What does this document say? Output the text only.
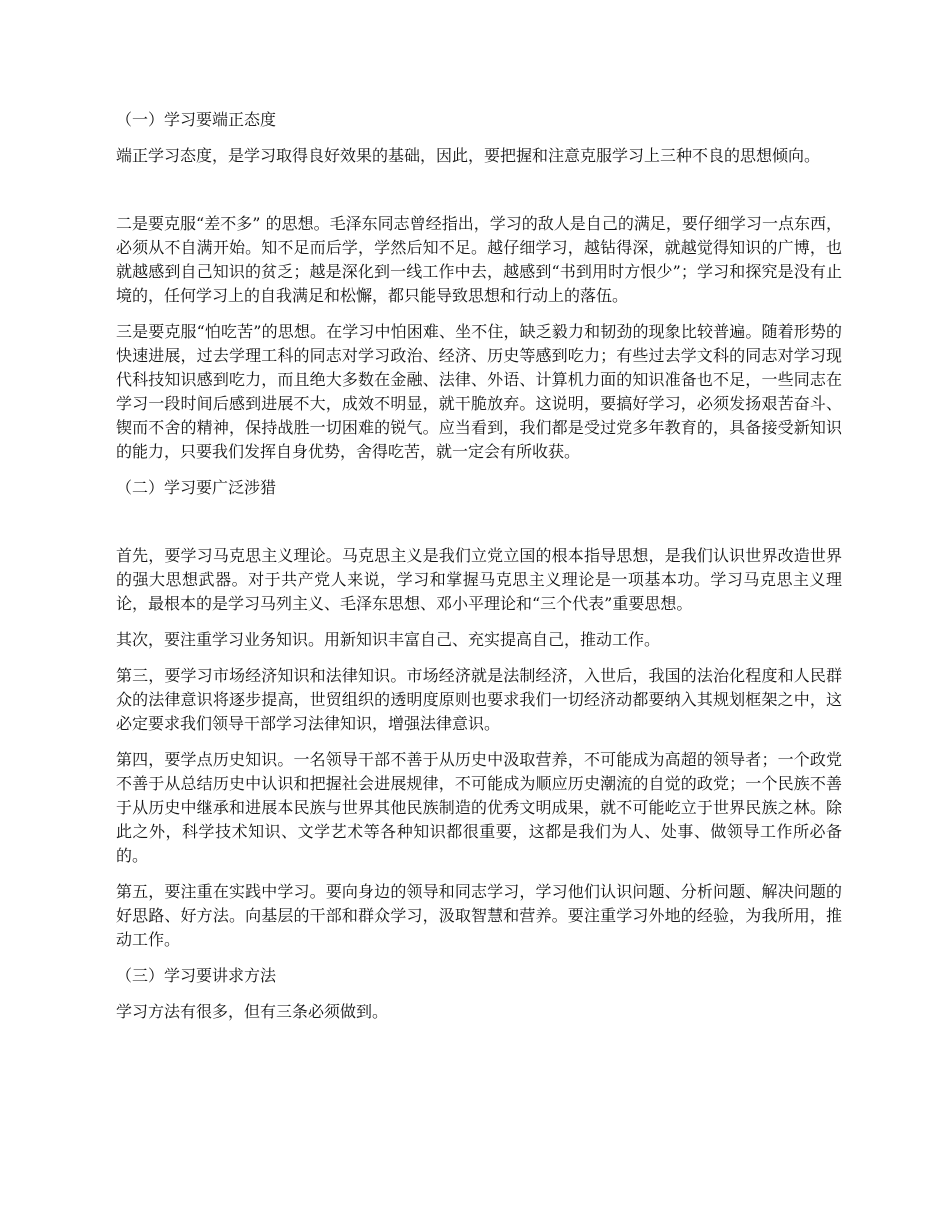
（一）学习要端正态度

端正学习态度，是学习取得良好效果的基础，因此，要把握和注意克服学习上三种不良的思想倾向。

二是要克服“差不多” 的思想。毛泽东同志曾经指出，学习的敌人是自己的满足，要仔细学习一点东西，必须从不自满开始。知不足而后学，学然后知不足。越仔细学习，越钻得深，就越觉得知识的广博，也就越感到自己知识的贫乏；越是深化到一线工作中去，越感到“书到用时方恨少”；学习和探究是没有止境的，任何学习上的自我满足和松懈，都只能导致思想和行动上的落伍。

三是要克服“怕吃苦”的思想。在学习中怕困难、坐不住，缺乏毅力和韧劲的现象比较普遍。随着形势的快速进展，过去学理工科的同志对学习政治、经济、历史等感到吃力；有些过去学文科的同志对学习现代科技知识感到吃力，而且绝大多数在金融、法律、外语、计算机力面的知识准备也不足，一些同志在学习一段时间后感到进展不大，成效不明显，就干脆放弃。这说明，要搞好学习，必须发扬艰苦奋斗、锲而不舍的精神，保持战胜一切困难的锐气。应当看到，我们都是受过党多年教育的，具备接受新知识的能力，只要我们发挥自身优势，舍得吃苦，就一定会有所收获。

（二）学习要广泛涉猎

首先，要学习马克思主义理论。马克思主义是我们立党立国的根本指导思想，是我们认识世界改造世界的强大思想武器。对于共产党人来说，学习和掌握马克思主义理论是一项基本功。学习马克思主义理论，最根本的是学习马列主义、毛泽东思想、邓小平理论和“三个代表”重要思想。

其次，要注重学习业务知识。用新知识丰富自己、充实提高自己，推动工作。

第三，要学习市场经济知识和法律知识。市场经济就是法制经济，入世后，我国的法治化程度和人民群众的法律意识将逐步提高，世贸组织的透明度原则也要求我们一切经济动都要纳入其规划框架之中，这必定要求我们领导干部学习法律知识，增强法律意识。

第四，要学点历史知识。一名领导干部不善于从历史中汲取营养，不可能成为高超的领导者；一个政党不善于从总结历史中认识和把握社会进展规律，不可能成为顺应历史潮流的自觉的政党；一个民族不善于从历史中继承和进展本民族与世界其他民族制造的优秀文明成果，就不可能屹立于世界民族之林。除此之外，科学技术知识、文学艺术等各种知识都很重要，这都是我们为人、处事、做领导工作所必备的。

第五，要注重在实践中学习。要向身边的领导和同志学习，学习他们认识问题、分析问题、解决问题的好思路、好方法。向基层的干部和群众学习，汲取智慧和营养。要注重学习外地的经验，为我所用，推动工作。

（三）学习要讲求方法

学习方法有很多，但有三条必须做到。
